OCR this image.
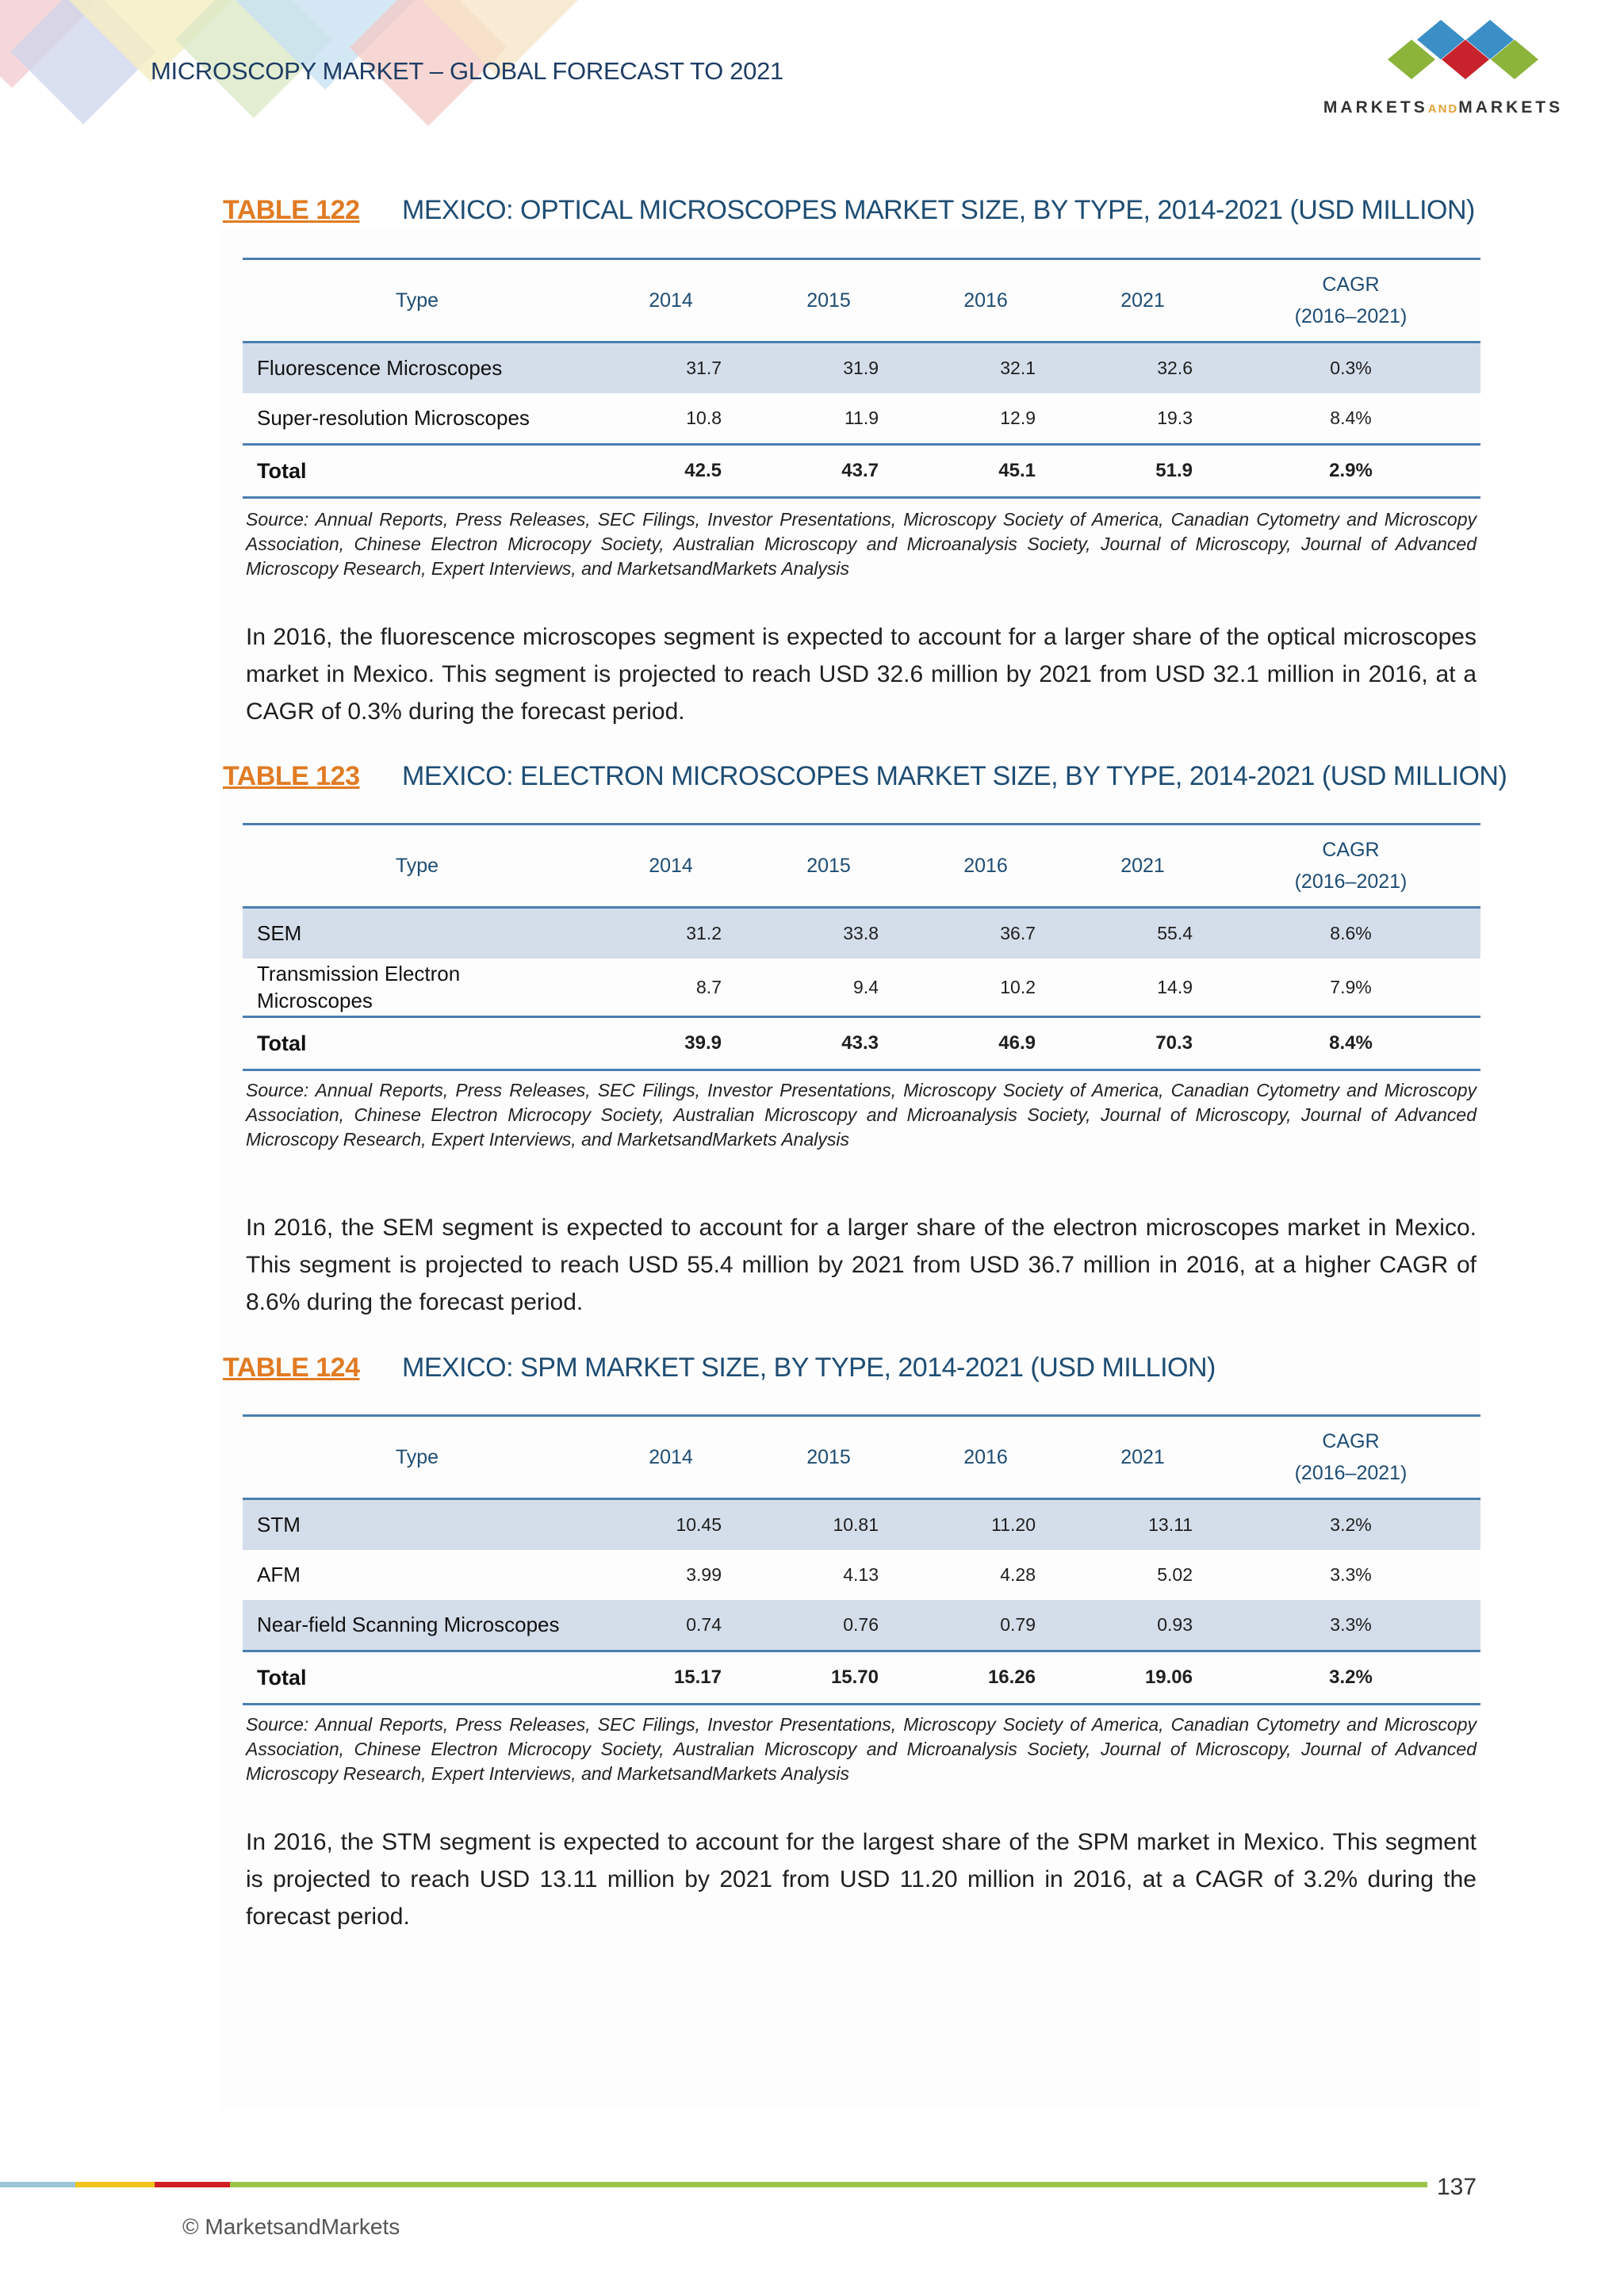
MICROSCOPY MARKET – GLOBAL FORECAST TO 2021
MARKETSANDMARKETS
TABLE 122 MEXICO: OPTICAL MICROSCOPES MARKET SIZE, BY TYPE, 2014-2021 (USD MILLION)
Type	2014	2015	2016	2021	CAGR
(2016–2021)

Fluorescence Microscopes	31.7	31.9	32.1	32.6	0.3%
Super-resolution Microscopes	10.8	11.9	12.9	19.3	8.4%
Total	42.5	43.7	45.1	51.9	2.9%
Source: Annual Reports, Press Releases, SEC Filings, Investor Presentations, Microscopy Society of America, Canadian Cytometry and Microscopy Association, Chinese Electron Microcopy Society, Australian Microscopy and Microanalysis Society, Journal of Microscopy, Journal of Advanced Microscopy Research, Expert Interviews, and MarketsandMarkets Analysis
In 2016, the fluorescence microscopes segment is expected to account for a larger share of the optical microscopes market in Mexico. This segment is projected to reach USD 32.6 million by 2021 from USD 32.1 million in 2016, at a CAGR of 0.3% during the forecast period.
TABLE 123 MEXICO: ELECTRON MICROSCOPES MARKET SIZE, BY TYPE, 2014-2021 (USD MILLION)
Type	2014	2015	2016	2021	CAGR
(2016–2021)

SEM	31.2	33.8	36.7	55.4	8.6%

Transmission Electron
Microscopes	8.7	9.4	10.2	14.9	7.9%
Total	39.9	43.3	46.9	70.3	8.4%
Source: Annual Reports, Press Releases, SEC Filings, Investor Presentations, Microscopy Society of America, Canadian Cytometry and Microscopy Association, Chinese Electron Microcopy Society, Australian Microscopy and Microanalysis Society, Journal of Microscopy, Journal of Advanced Microscopy Research, Expert Interviews, and MarketsandMarkets Analysis
In 2016, the SEM segment is expected to account for a larger share of the electron microscopes market in Mexico. This segment is projected to reach USD 55.4 million by 2021 from USD 36.7 million in 2016, at a higher CAGR of 8.6% during the forecast period.
TABLE 124 MEXICO: SPM MARKET SIZE, BY TYPE, 2014-2021 (USD MILLION)
Type	2014	2015	2016	2021	CAGR
(2016–2021)

STM	10.45	10.81	11.20	13.11	3.2%
AFM	3.99	4.13	4.28	5.02	3.3%
Near-field Scanning Microscopes	0.74	0.76	0.79	0.93	3.3%
Total	15.17	15.70	16.26	19.06	3.2%
Source: Annual Reports, Press Releases, SEC Filings, Investor Presentations, Microscopy Society of America, Canadian Cytometry and Microscopy Association, Chinese Electron Microcopy Society, Australian Microscopy and Microanalysis Society, Journal of Microscopy, Journal of Advanced Microscopy Research, Expert Interviews, and MarketsandMarkets Analysis
In 2016, the STM segment is expected to account for the largest share of the SPM market in Mexico. This segment is projected to reach USD 13.11 million by 2021 from USD 11.20 million in 2016, at a CAGR of 3.2% during the forecast period.
137
© MarketsandMarkets
